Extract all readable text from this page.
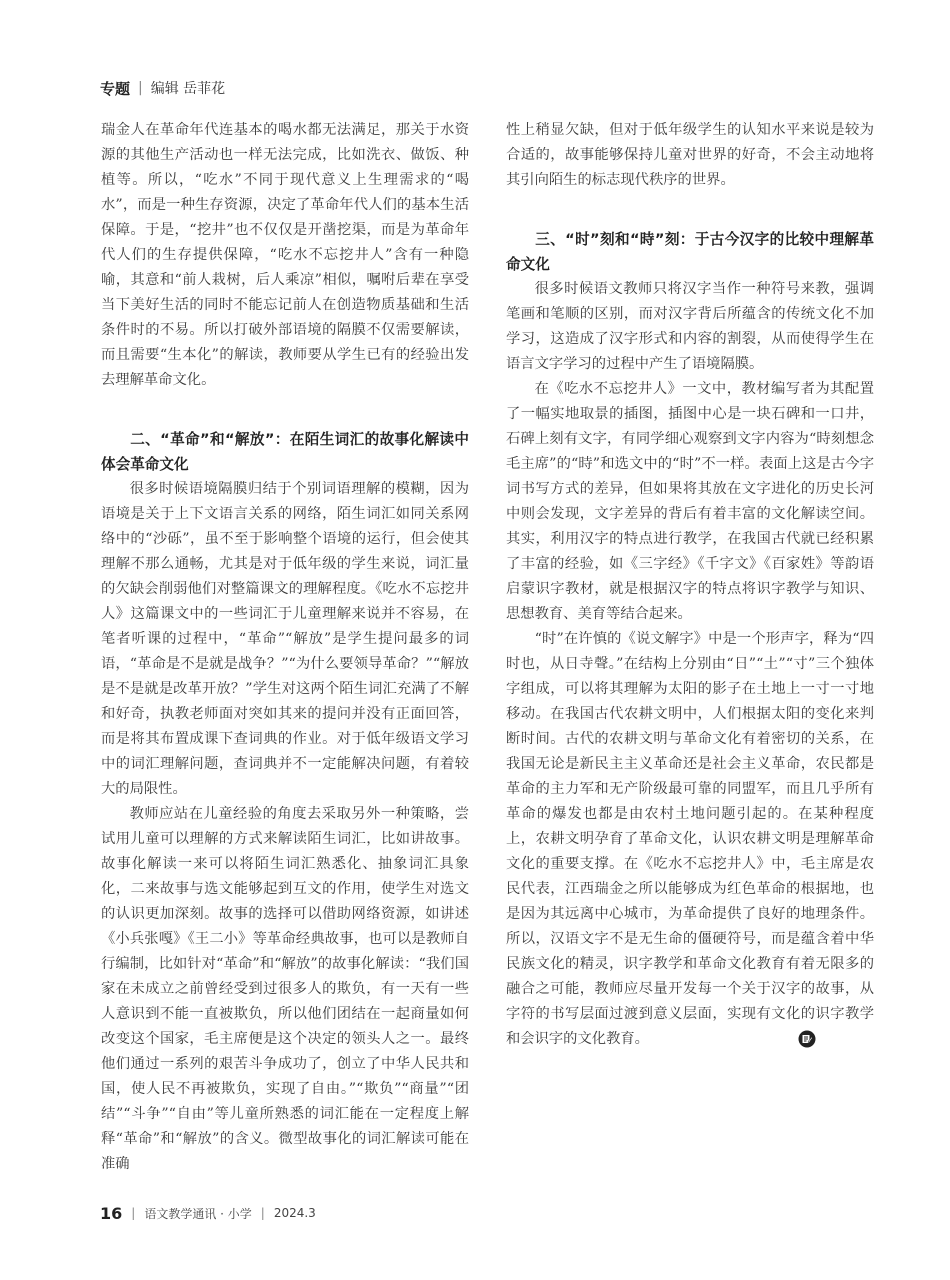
专题 | 编辑 岳菲花

瑞金人在革命年代连基本的喝水都无法满足，那关于水资源的其他生产活动也一样无法完成，比如洗衣、做饭、种植等。所以，“吃水”不同于现代意义上生理需求的“喝水”，而是一种生存资源，决定了革命年代人们的基本生活保障。于是，“挖井”也不仅仅是开凿挖渠，而是为革命年代人们的生存提供保障，“吃水不忘挖井人”含有一种隐喻，其意和“前人栽树，后人乘凉”相似，嘱咐后辈在享受当下美好生活的同时不能忘记前人在创造物质基础和生活条件时的不易。所以打破外部语境的隔膜不仅需要解读，而且需要“生本化”的解读，教师要从学生已有的经验出发去理解革命文化。

二、“革命”和“解放”：在陌生词汇的故事化解读中体会革命文化

很多时候语境隔膜归结于个别词语理解的模糊，因为语境是关于上下文语言关系的网络，陌生词汇如同关系网络中的“沙砾”，虽不至于影响整个语境的运行，但会使其理解不那么通畅，尤其是对于低年级的学生来说，词汇量的欠缺会削弱他们对整篇课文的理解程度。《吃水不忘挖井人》这篇课文中的一些词汇于儿童理解来说并不容易，在笔者听课的过程中，“革命”“解放”是学生提问最多的词语，“革命是不是就是战争？”“为什么要领导革命？”“解放是不是就是改革开放？”学生对这两个陌生词汇充满了不解和好奇，执教老师面对突如其来的提问并没有正面回答，而是将其布置成课下查词典的作业。对于低年级语文学习中的词汇理解问题，查词典并不一定能解决问题，有着较大的局限性。

教师应站在儿童经验的角度去采取另外一种策略，尝试用儿童可以理解的方式来解读陌生词汇，比如讲故事。故事化解读一来可以将陌生词汇熟悉化、抽象词汇具象化，二来故事与选文能够起到互文的作用，使学生对选文的认识更加深刻。故事的选择可以借助网络资源，如讲述《小兵张嘎》《王二小》等革命经典故事，也可以是教师自行编制，比如针对“革命”和“解放”的故事化解读：“我们国家在未成立之前曾经受到过很多人的欺负，有一天有一些人意识到不能一直被欺负，所以他们团结在一起商量如何改变这个国家，毛主席便是这个决定的领头人之一。最终他们通过一系列的艰苦斗争成功了，创立了中华人民共和国，使人民不再被欺负，实现了自由。”“欺负”“商量”“团结”“斗争”“自由”等儿童所熟悉的词汇能在一定程度上解释“革命”和“解放”的含义。微型故事化的词汇解读可能在准确

性上稍显欠缺，但对于低年级学生的认知水平来说是较为合适的，故事能够保持儿童对世界的好奇，不会主动地将其引向陌生的标志现代秩序的世界。

三、“时”刻和“時”刻：于古今汉字的比较中理解革命文化

很多时候语文教师只将汉字当作一种符号来教，强调笔画和笔顺的区别，而对汉字背后所蕴含的传统文化不加学习，这造成了汉字形式和内容的割裂，从而使得学生在语言文字学习的过程中产生了语境隔膜。

在《吃水不忘挖井人》一文中，教材编写者为其配置了一幅实地取景的插图，插图中心是一块石碑和一口井，石碑上刻有文字，有同学细心观察到文字内容为“時刻想念毛主席”的“時”和选文中的“时”不一样。表面上这是古今字词书写方式的差异，但如果将其放在文字进化的历史长河中则会发现，文字差异的背后有着丰富的文化解读空间。其实，利用汉字的特点进行教学，在我国古代就已经积累了丰富的经验，如《三字经》《千字文》《百家姓》等韵语启蒙识字教材，就是根据汉字的特点将识字教学与知识、思想教育、美育等结合起来。

“时”在许慎的《说文解字》中是一个形声字，释为“四时也，从日寺聲。”在结构上分别由“日”“土”“寸”三个独体字组成，可以将其理解为太阳的影子在土地上一寸一寸地移动。在我国古代农耕文明中，人们根据太阳的变化来判断时间。古代的农耕文明与革命文化有着密切的关系，在我国无论是新民主主义革命还是社会主义革命，农民都是革命的主力军和无产阶级最可靠的同盟军，而且几乎所有革命的爆发也都是由农村土地问题引起的。在某种程度上，农耕文明孕育了革命文化，认识农耕文明是理解革命文化的重要支撑。在《吃水不忘挖井人》中，毛主席是农民代表，江西瑞金之所以能够成为红色革命的根据地，也是因为其远离中心城市，为革命提供了良好的地理条件。所以，汉语文字不是无生命的僵硬符号，而是蕴含着中华民族文化的精灵，识字教学和革命文化教育有着无限多的融合之可能，教师应尽量开发每一个关于汉字的故事，从字符的书写层面过渡到意义层面，实现有文化的识字教学和会识字的文化教育。

16 | 语文教学通讯 · 小学 | 2024.3
